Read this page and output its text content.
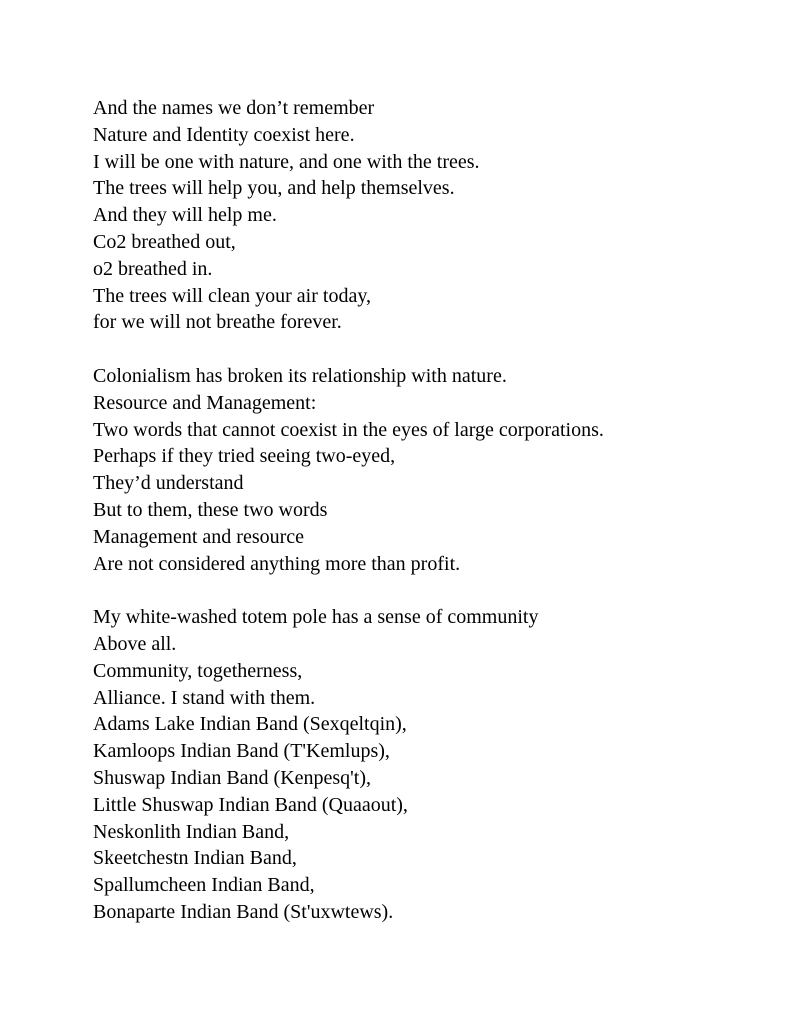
And the names we don’t remember
Nature and Identity coexist here.
I will be one with nature, and one with the trees.
The trees will help you, and help themselves.
And they will help me.
Co2 breathed out,
o2 breathed in.
The trees will clean your air today,
for we will not breathe forever.
Colonialism has broken its relationship with nature.
Resource and Management:
Two words that cannot coexist in the eyes of large corporations.
Perhaps if they tried seeing two-eyed,
They’d understand
But to them, these two words
Management and resource
Are not considered anything more than profit.
My white-washed totem pole has a sense of community
Above all.
Community, togetherness,
Alliance. I stand with them.
Adams Lake Indian Band (Sexqeltqin),
Kamloops Indian Band (T'Kemlups),
Shuswap Indian Band (Kenpesq't),
Little Shuswap Indian Band (Quaaout),
Neskonlith Indian Band,
Skeetchestn Indian Band,
Spallumcheen Indian Band,
Bonaparte Indian Band (St'uxwtews).
